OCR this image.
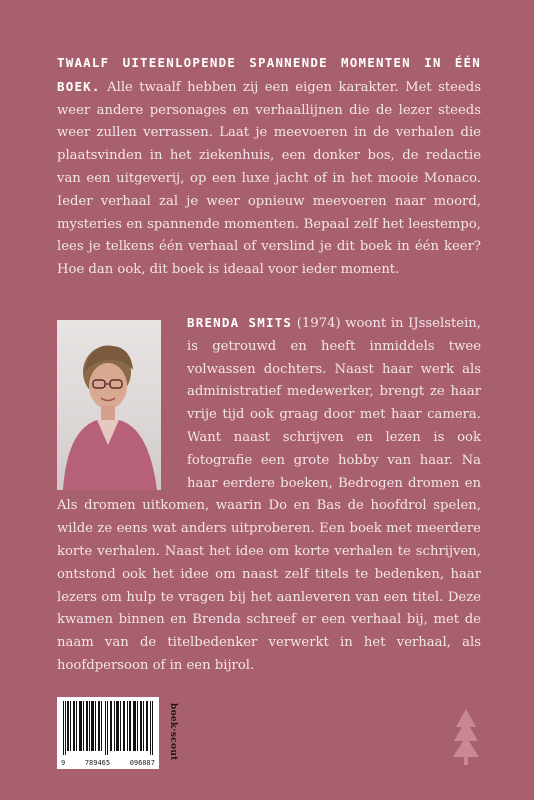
TWAALF UITEENLOPENDE SPANNENDE MOMENTEN IN ÉÉN BOEK. Alle twaalf hebben zij een eigen karakter. Met steeds weer andere personages en verhaallijnen die de lezer steeds weer zullen verrassen. Laat je meevoeren in de verhalen die plaatsvinden in het ziekenhuis, een donker bos, de redactie van een uitgeverij, op een luxe jacht of in het mooie Monaco. Ieder verhaal zal je weer opnieuw meevoeren naar moord, mysteries en spannende momenten. Bepaal zelf het leestempo, lees je telkens één verhaal of verslind je dit boek in één keer? Hoe dan ook, dit boek is ideaal voor ieder moment.
BRENDA SMITS (1974) woont in IJsselstein, is getrouwd en heeft inmiddels twee volwassen dochters. Naast haar werk als administratief medewerker, brengt ze haar vrije tijd ook graag door met haar camera. Want naast schrijven en lezen is ook fotografie een grote hobby van haar. Na haar eerdere boeken, Bedrogen dromen en Als dromen uitkomen, waarin Do en Bas de hoofdrol spelen, wilde ze eens wat anders uitproberen. Een boek met meerdere korte verhalen. Naast het idee om korte verhalen te schrijven, ontstond ook het idee om naast zelf titels te bedenken, haar lezers om hulp te vragen bij het aanleveren van een titel. Deze kwamen binnen en Brenda schreef er een verhaal bij, met de naam van de titelbedenker verwerkt in het verhaal, als hoofdpersoon of in een bijrol.
9	789465	096087
boek·scout
